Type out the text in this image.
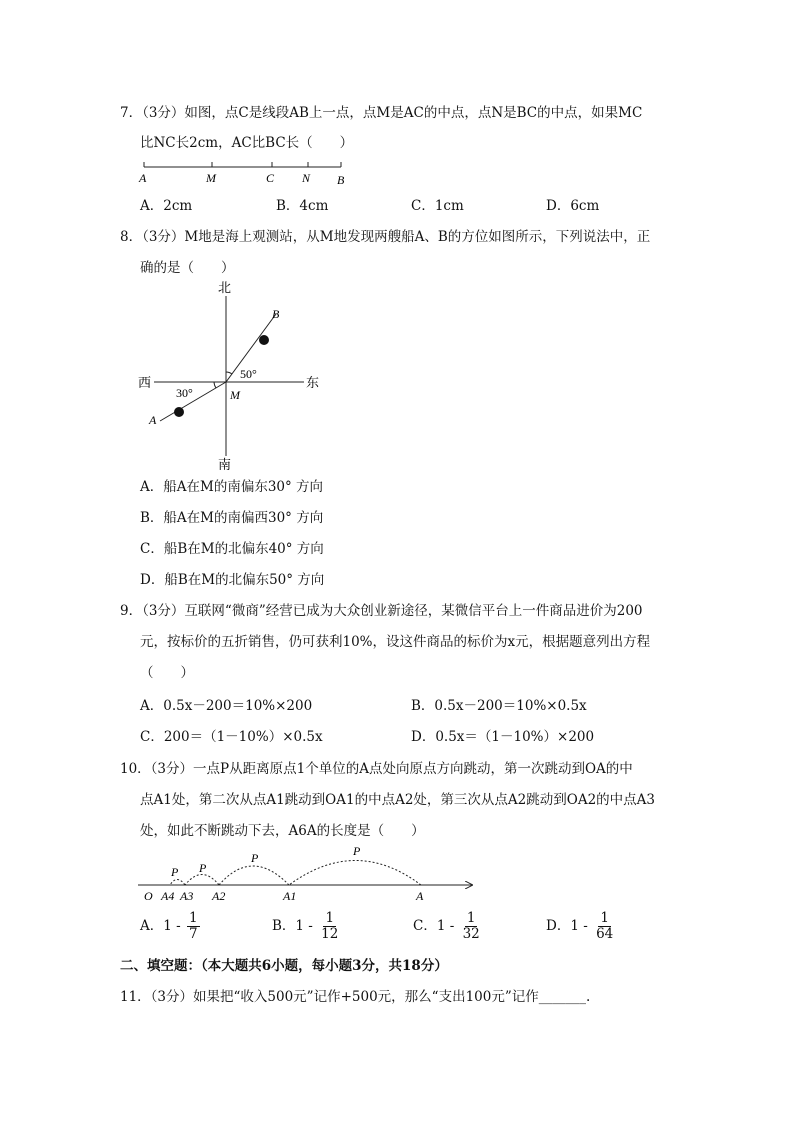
7．（3分）如图，点C是线段AB上一点，点M是AC的中点，点N是BC的中点，如果MC
比NC长2cm，AC比BC长（　　）
A	M	C N B
A．2cm	B．4cm	C．1cm	D．6cm
8．（3分）M地是海上观测站，从M地发现两艘船A、B的方位如图所示，下列说法中，正
确的是（　　）
北
南
西	东
M
B
A
50°
30°
A．船A在M的南偏东30° 方向
B．船A在M的南偏西30° 方向
C．船B在M的北偏东40° 方向
D．船B在M的北偏东50° 方向
9．（3分）互联网“微商”经营已成为大众创业新途径，某微信平台上一件商品进价为200
元，按标价的五折销售，仍可获利10%，设这件商品的标价为x元，根据题意列出方程
（　　）
A．0.5x－200＝10%×200	B．0.5x－200＝10%×0.5x
C．200＝（1－10%）×0.5x	D．0.5x＝（1－10%）×200
10．（3分）一点P从距离原点1个单位的A点处向原点方向跳动，第一次跳动到OA的中
点A1处，第二次从点A1跳动到OA1的中点A2处，第三次从点A2跳动到OA2的中点A3
处，如此不断跳动下去，A6A的长度是（　　）
O A4 A3 A2	A1	A
P
P
P
P
A．$1 - \frac{1}{7}$	B．$1 - \frac{1}{12}$	C．$1 - \frac{1}{32}$	D．$1 - \frac{1}{64}$
二、填空题：（本大题共6小题，每小题3分，共18分）
11．（3分）如果把“收入500元”记作+500元，那么“支出100元”记作_______.
